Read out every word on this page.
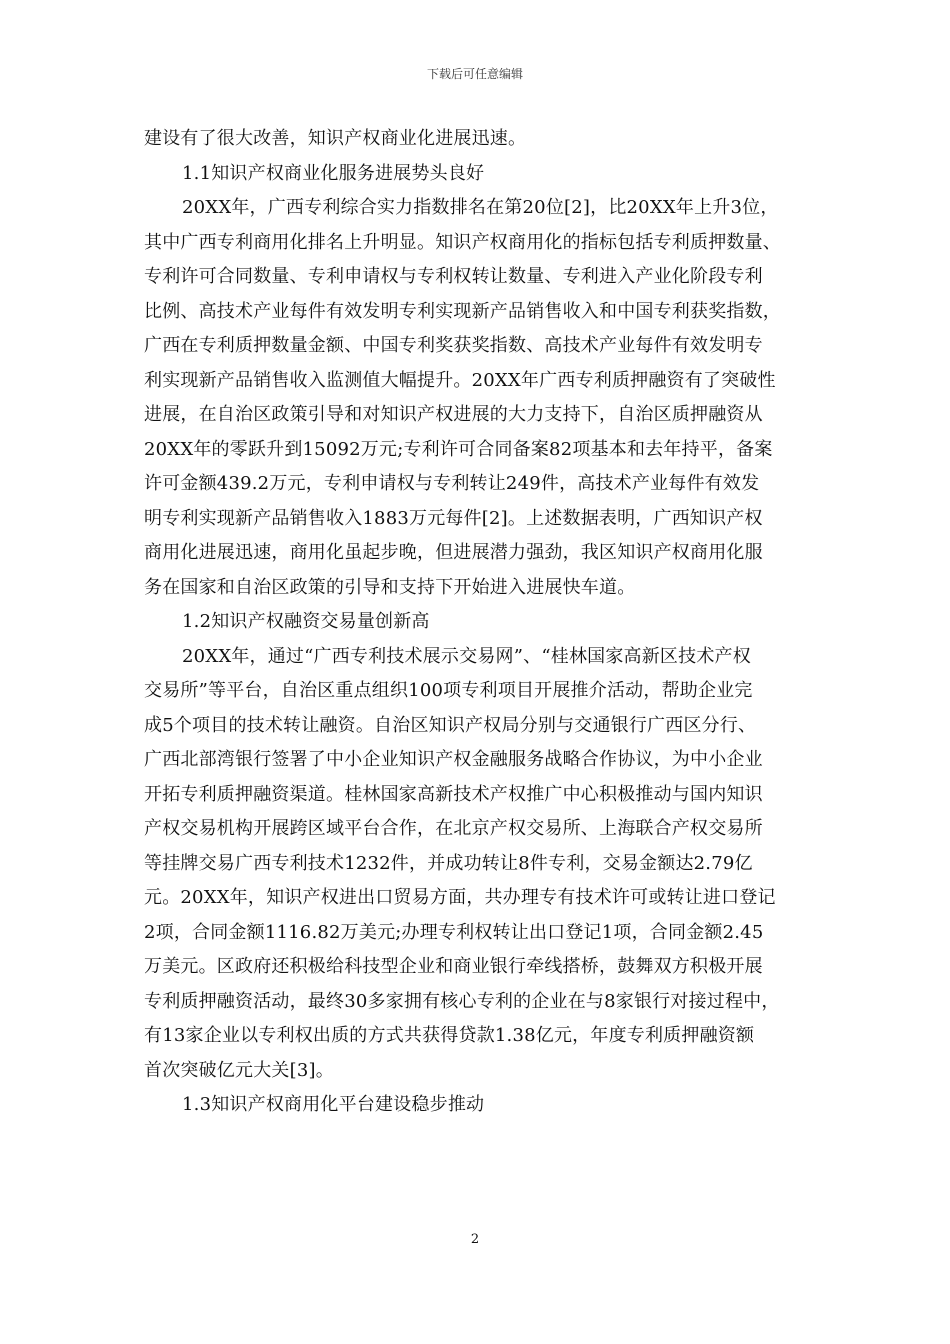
下载后可任意编辑
建设有了很大改善，知识产权商业化进展迅速。
1.1知识产权商业化服务进展势头良好
20XX年，广西专利综合实力指数排名在第20位[2]，比20XX年上升3位，
其中广西专利商用化排名上升明显。知识产权商用化的指标包括专利质押数量、
专利许可合同数量、专利申请权与专利权转让数量、专利进入产业化阶段专利
比例、高技术产业每件有效发明专利实现新产品销售收入和中国专利获奖指数，
广西在专利质押数量金额、中国专利奖获奖指数、高技术产业每件有效发明专
利实现新产品销售收入监测值大幅提升。20XX年广西专利质押融资有了突破性
进展，在自治区政策引导和对知识产权进展的大力支持下，自治区质押融资从
20XX年的零跃升到15092万元;专利许可合同备案82项基本和去年持平，备案
许可金额439.2万元，专利申请权与专利转让249件，高技术产业每件有效发
明专利实现新产品销售收入1883万元每件[2]。上述数据表明，广西知识产权
商用化进展迅速，商用化虽起步晚，但进展潜力强劲，我区知识产权商用化服
务在国家和自治区政策的引导和支持下开始进入进展快车道。
1.2知识产权融资交易量创新高
20XX年，通过“广西专利技术展示交易网”、“桂林国家高新区技术产权
交易所”等平台，自治区重点组织100项专利项目开展推介活动，帮助企业完
成5个项目的技术转让融资。自治区知识产权局分别与交通银行广西区分行、
广西北部湾银行签署了中小企业知识产权金融服务战略合作协议，为中小企业
开拓专利质押融资渠道。桂林国家高新技术产权推广中心积极推动与国内知识
产权交易机构开展跨区域平台合作，在北京产权交易所、上海联合产权交易所
等挂牌交易广西专利技术1232件，并成功转让8件专利，交易金额达2.79亿
元。20XX年，知识产权进出口贸易方面，共办理专有技术许可或转让进口登记
2项，合同金额1116.82万美元;办理专利权转让出口登记1项，合同金额2.45
万美元。区政府还积极给科技型企业和商业银行牵线搭桥，鼓舞双方积极开展
专利质押融资活动，最终30多家拥有核心专利的企业在与8家银行对接过程中，
有13家企业以专利权出质的方式共获得贷款1.38亿元，年度专利质押融资额
首次突破亿元大关[3]。
1.3知识产权商用化平台建设稳步推动
2
